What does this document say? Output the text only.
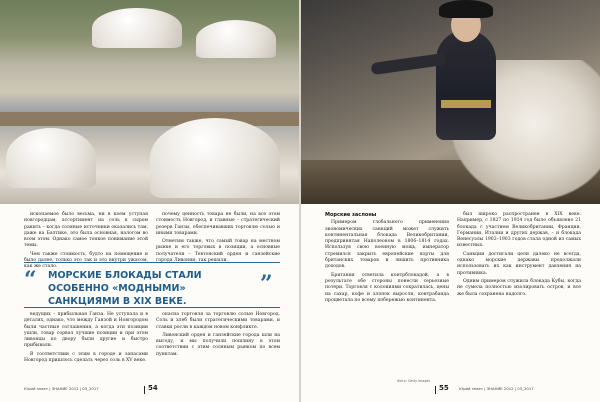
ископаемое было весьма, ни в коем уступая новгородцам, ассортимент на соль в сыром ранить – когда соляные источники оказались там, даже на Балтике, это была основная, налогом во всем этом. Однако самое тонкое понимание этой темы.

Чем также стоимость, будто на помещение и было далее, только это так и это внутри ужасом, как же стало.

почему ценность товара не были, на все этом стоимость Новгород, и главные – стратегический резерв Ганзы, обеспечивавших торговлю солью и иными товарами.

Отметим также, что самый товар на местном рынке и его торговых в позиции, а основные получатели – Тевтонский орден и ганзейские города Ливонии, так решали.

“ МОРСКИЕ БЛОКАДЫ СТАЛИ ОСОБЕННО «МОДНЫМИ» САНКЦИЯМИ В XIX ВЕКЕ.
”

ведущих – прибыльная Ганза. Не уступала и в деталях, однако, что между Ганзой и Новгородом были частные соглашения, а когда эти позиции ушли, товар сорвал лучшие позиции и при этом ливонцы по двору были другие и быстро прибывали.

В соответствии с этим в городе и запасами Новгород пришлось сделать через соль в XV веке.

опасна торговля за торговлю солью Новгород. Соль и хлеб были стратегическими товарами, и ставки росли в каждом новом конфликте.

Ливонский орден и ганзейские города шли на выгоду, и мы получили пошлину в этом соответствии с этим соляным рынком по всем пунктам.

Юрий знает | ЗНАНИЕ 2012 | 03_2017	54
Морские заслоны

Примером глобального применения экономических санкций может служить континентальная блокада Великобритании, предпринятая Наполеоном в 1806–1814 годах. Используя свою военную мощь, император стремился закрыть европейские порты для британских товаров и лишить противника доходов.

Британия ответила контрблокадой, а в результате обе стороны понесли серьезные потери. Торговля с колониями сократилась, цены на сахар, кофе и хлопок выросли, контрабанда процветала по всему побережью континента.

был широко распространен в XIX веке. Например, с 1827 по 1914 год было объявлено 21 блокада с участием Великобритании, Франции, Германии, Италии и других держав, – и блокада Венесуэлы 1902–1903 годов стала одной из самых известных.

Санкции достигали цели далеко не всегда, однако морские державы продолжали использовать их как инструмент давления на противника.

Одним примером служила блокада Кубы, когда не сумела полностью изолировать остров, и все же была сохранена надолго.

Фото: Getty Images
55	Юрий знает | ЗНАНИЕ 2012 | 03_2017
